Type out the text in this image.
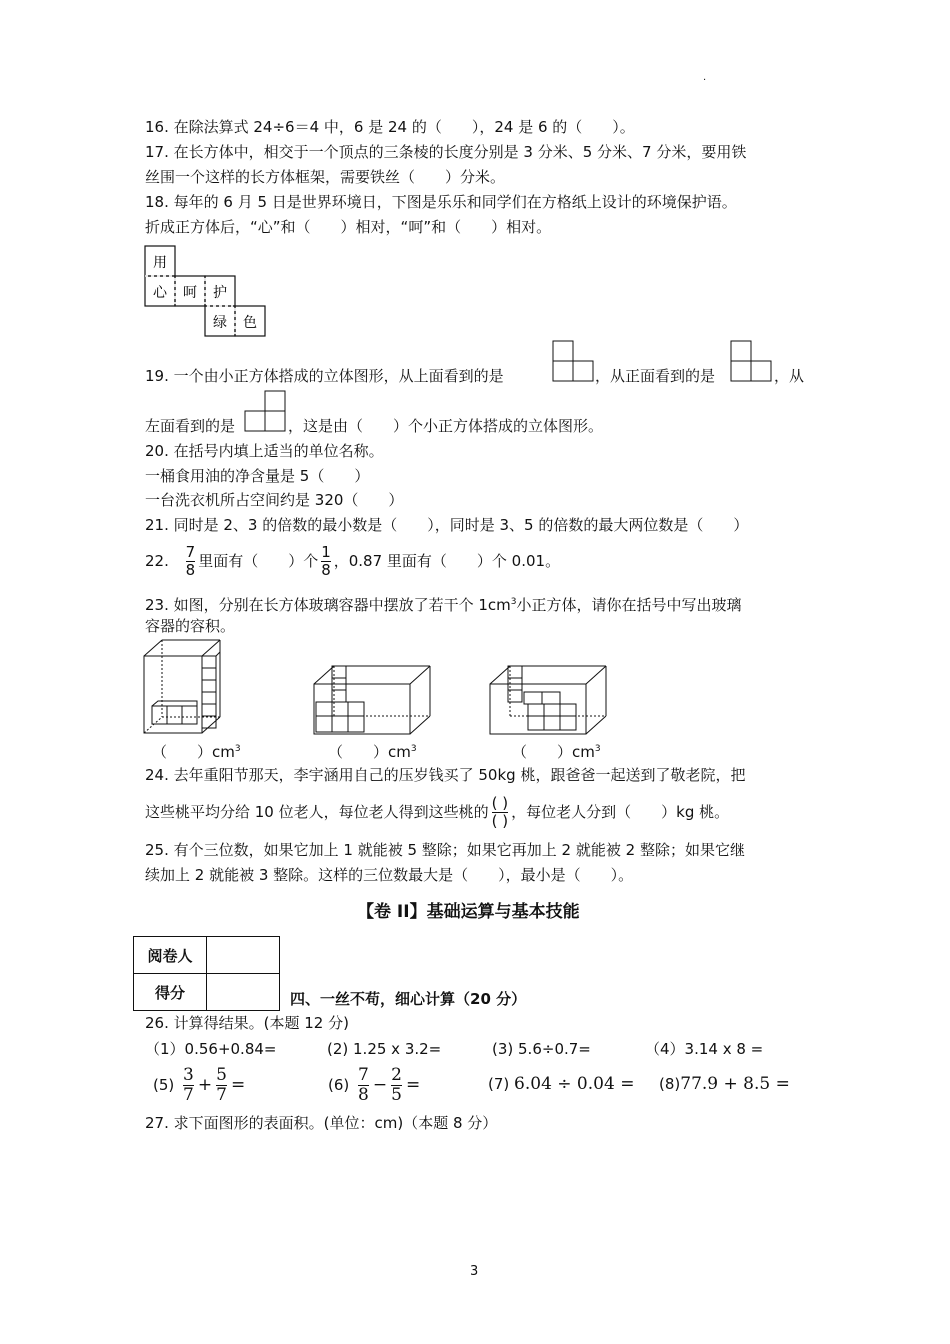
.
16. 在除法算式 24÷6＝4 中，6 是 24 的（　　），24 是 6 的（　　）。
17. 在长方体中，相交于一个顶点的三条棱的长度分别是 3 分米、5 分米、7 分米，要用铁
丝围一个这样的长方体框架，需要铁丝（　　）分米。
18. 每年的 6 月 5 日是世界环境日，下图是乐乐和同学们在方格纸上设计的环境保护语。
折成正方体后，“心”和（　　）相对，“呵”和（　　）相对。
用
心 呵 护
绿 色
19. 一个由小正方体搭成的立体图形，从上面看到的是	，从正面看到的是	，从
左面看到的是	，这是由（　　）个小正方体搭成的立体图形。
20. 在括号内填上适当的单位名称。
一桶食用油的净含量是 5（　　）
一台洗衣机所占空间约是 320（　　）
21. 同时是 2、3 的倍数的最小数是（　　），同时是 3、5 的倍数的最大两位数是（　　）
22. $\frac{7}{8}$ 里面有（　　）个 $\frac{1}{8}$ ，0.87 里面有（　　）个 0.01。
23. 如图，分别在长方体玻璃容器中摆放了若干个 $1cm^3$小正方体，请你在括号中写出玻璃
容器的容积。
（　　）$cm^3$	（　　）$cm^3$	（　　）$cm^3$
24. 去年重阳节那天，李宇涵用自己的压岁钱买了 50kg 桃，跟爸爸一起送到了敬老院，把
这些桃平均分给 10 位老人，每位老人得到这些桃的 $\frac{( )}{( )}$ ，每位老人分到（　　）kg 桃。
25. 有个三位数，如果它加上 1 就能被 5 整除；如果它再加上 2 就能被 2 整除；如果它继
续加上 2 就能被 3 整除。这样的三位数最大是（　　），最小是（　　）。
【卷 II】基础运算与基本技能
阅卷人	
得分		四、一丝不苟，细心计算（20 分）
26. 计算得结果。(本题 12 分)
（1）0.56+0.84=	(2) 1.25 x 3.2=	(3) 5.6÷0.7=	（4）3.14 x 8 =
$(5) \frac{3}{7} + \frac{5}{7}$ =	$(6) \frac{7}{8} - \frac{2}{5}$ =	(7) 6.04 ÷ 0.04 = (8)77.9 + 8.5 =
27. 求下面图形的表面积。(单位：cm)（本题 8 分）
3
